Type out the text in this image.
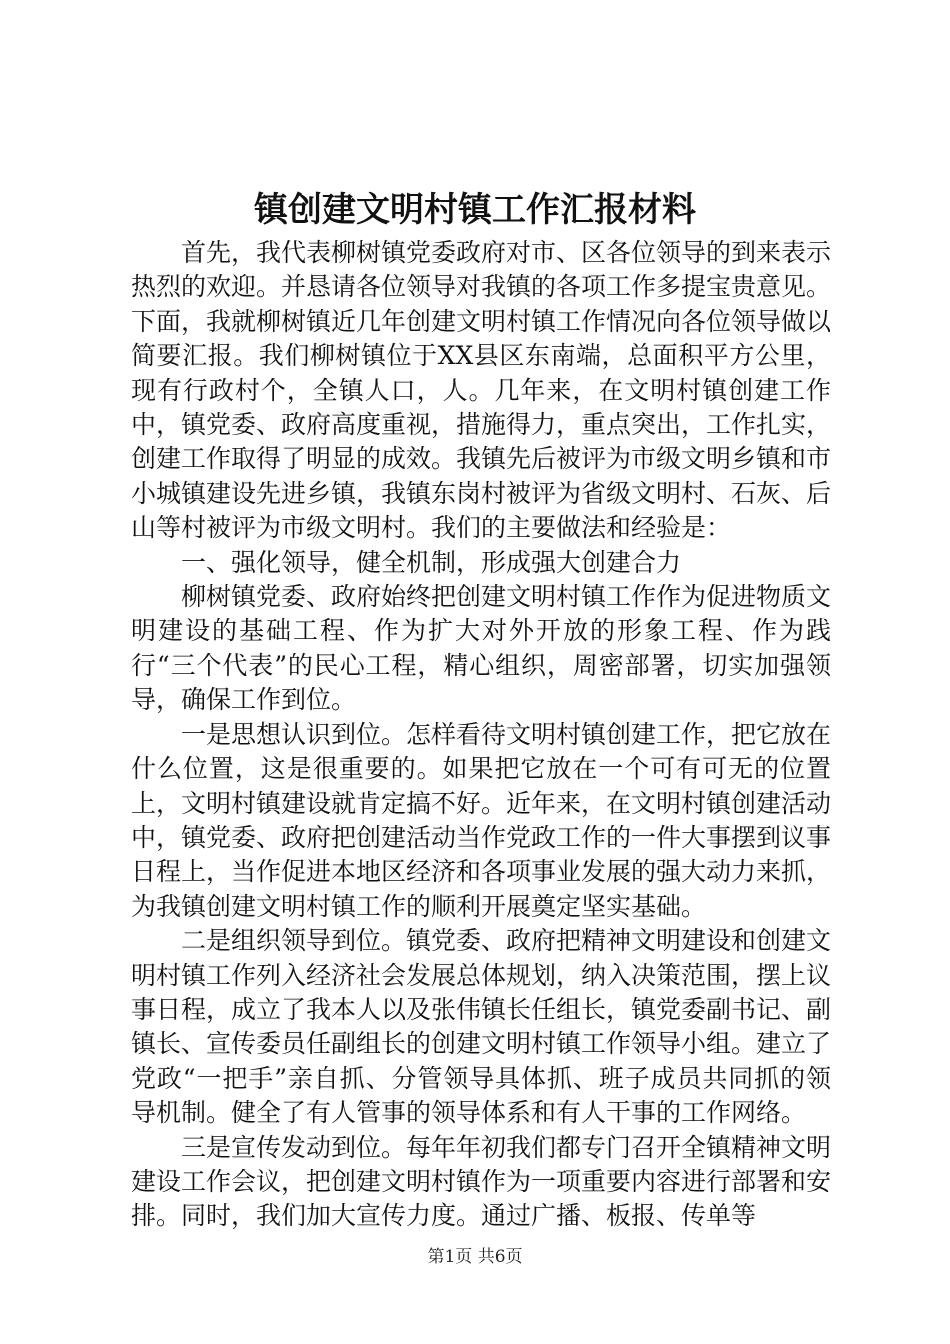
镇创建文明村镇工作汇报材料

首先，我代表柳树镇党委政府对市、区各位领导的到来表示热烈的欢迎。并恳请各位领导对我镇的各项工作多提宝贵意见。下面，我就柳树镇近几年创建文明村镇工作情况向各位领导做以简要汇报。我们柳树镇位于XX县区东南端，总面积平方公里，现有行政村个，全镇人口，人。几年来，在文明村镇创建工作中，镇党委、政府高度重视，措施得力，重点突出，工作扎实，创建工作取得了明显的成效。我镇先后被评为市级文明乡镇和市小城镇建设先进乡镇，我镇东岗村被评为省级文明村、石灰、后山等村被评为市级文明村。我们的主要做法和经验是：

一、强化领导，健全机制，形成强大创建合力

柳树镇党委、政府始终把创建文明村镇工作作为促进物质文明建设的基础工程、作为扩大对外开放的形象工程、作为践行“三个代表”的民心工程，精心组织，周密部署，切实加强领导，确保工作到位。

一是思想认识到位。怎样看待文明村镇创建工作，把它放在什么位置，这是很重要的。如果把它放在一个可有可无的位置上，文明村镇建设就肯定搞不好。近年来，在文明村镇创建活动中，镇党委、政府把创建活动当作党政工作的一件大事摆到议事日程上，当作促进本地区经济和各项事业发展的强大动力来抓，为我镇创建文明村镇工作的顺利开展奠定坚实基础。

二是组织领导到位。镇党委、政府把精神文明建设和创建文明村镇工作列入经济社会发展总体规划，纳入决策范围，摆上议事日程，成立了我本人以及张伟镇长任组长，镇党委副书记、副镇长、宣传委员任副组长的创建文明村镇工作领导小组。建立了党政“一把手”亲自抓、分管领导具体抓、班子成员共同抓的领导机制。健全了有人管事的领导体系和有人干事的工作网络。

三是宣传发动到位。每年年初我们都专门召开全镇精神文明建设工作会议，把创建文明村镇作为一项重要内容进行部署和安排。同时，我们加大宣传力度。通过广播、板报、传单等

第1页 共6页
